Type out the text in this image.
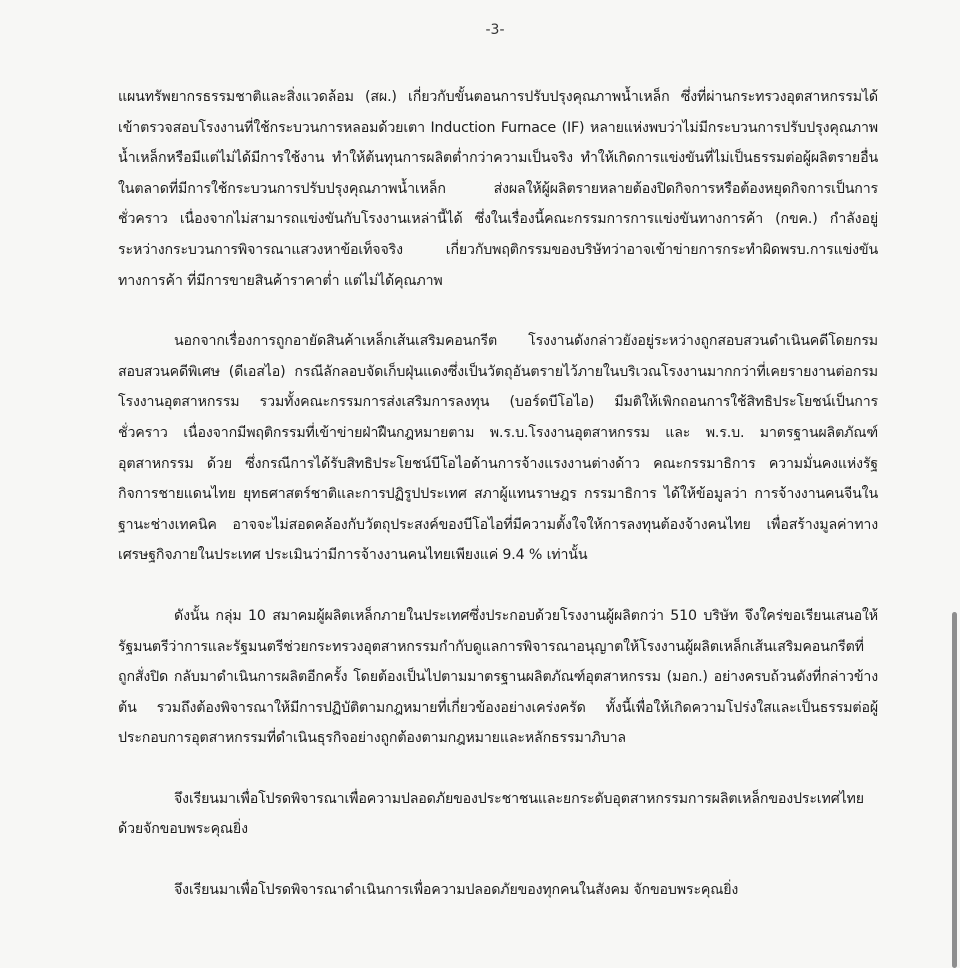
-3-

แผนทรัพยากรธรรมชาติและสิ่งแวดล้อม (สผ.) เกี่ยวกับขั้นตอนการปรับปรุงคุณภาพน้ำเหล็ก ซึ่งที่ผ่านกระทรวงอุตสาหกรรมได้เข้าตรวจสอบโรงงานที่ใช้กระบวนการหลอมด้วยเตา Induction Furnace (IF) หลายแห่งพบว่าไม่มีกระบวนการปรับปรุงคุณภาพน้ำเหล็กหรือมีแต่ไม่ได้มีการใช้งาน ทำให้ต้นทุนการผลิตต่ำกว่าความเป็นจริง ทำให้เกิดการแข่งขันที่ไม่เป็นธรรมต่อผู้ผลิตรายอื่นในตลาดที่มีการใช้กระบวนการปรับปรุงคุณภาพน้ำเหล็ก ส่งผลให้ผู้ผลิตรายหลายต้องปิดกิจการหรือต้องหยุดกิจการเป็นการชั่วคราว เนื่องจากไม่สามารถแข่งขันกับโรงงานเหล่านี้ได้ ซึ่งในเรื่องนี้คณะกรรมการการแข่งขันทางการค้า (กขค.) กำลังอยู่ระหว่างกระบวนการพิจารณาแสวงหาข้อเท็จจริง เกี่ยวกับพฤติกรรมของบริษัทว่าอาจเข้าข่ายการกระทำผิดพรบ.การแข่งขันทางการค้า ที่มีการขายสินค้าราคาต่ำ แต่ไม่ได้คุณภาพ

นอกจากเรื่องการถูกอายัดสินค้าเหล็กเส้นเสริมคอนกรีต โรงงานดังกล่าวยังอยู่ระหว่างถูกสอบสวนดำเนินคดีโดยกรมสอบสวนคดีพิเศษ (ดีเอสไอ) กรณีลักลอบจัดเก็บฝุ่นแดงซึ่งเป็นวัตถุอันตรายไว้ภายในบริเวณโรงงานมากกว่าที่เคยรายงานต่อกรมโรงงานอุตสาหกรรม รวมทั้งคณะกรรมการส่งเสริมการลงทุน (บอร์ดบีโอไอ) มีมติให้เพิกถอนการใช้สิทธิประโยชน์เป็นการชั่วคราว เนื่องจากมีพฤติกรรมที่เข้าข่ายฝ่าฝืนกฎหมายตาม พ.ร.บ.โรงงานอุตสาหกรรม และ พ.ร.บ. มาตรฐานผลิตภัณฑ์อุตสาหกรรม ด้วย ซึ่งกรณีการได้รับสิทธิประโยชน์บีโอไอด้านการจ้างแรงงานต่างด้าว คณะกรรมาธิการ ความมั่นคงแห่งรัฐ กิจการชายแดนไทย ยุทธศาสตร์ชาติและการปฏิรูปประเทศ สภาผู้แทนราษฎร กรรมาธิการ ได้ให้ข้อมูลว่า การจ้างงานคนจีนในฐานะช่างเทคนิค อาจจะไม่สอดคล้องกับวัตถุประสงค์ของบีโอไอที่มีความตั้งใจให้การลงทุนต้องจ้างคนไทย เพื่อสร้างมูลค่าทางเศรษฐกิจภายในประเทศ ประเมินว่ามีการจ้างงานคนไทยเพียงแค่ 9.4 % เท่านั้น

ดังนั้น กลุ่ม 10 สมาคมผู้ผลิตเหล็กภายในประเทศซึ่งประกอบด้วยโรงงานผู้ผลิตกว่า 510 บริษัท จึงใคร่ขอเรียนเสนอให้รัฐมนตรีว่าการและรัฐมนตรีช่วยกระทรวงอุตสาหกรรมกำกับดูแลการพิจารณาอนุญาตให้โรงงานผู้ผลิตเหล็กเส้นเสริมคอนกรีตที่ถูกสั่งปิด กลับมาดำเนินการผลิตอีกครั้ง โดยต้องเป็นไปตามมาตรฐานผลิตภัณฑ์อุตสาหกรรม (มอก.) อย่างครบถ้วนดังที่กล่าวข้างต้น รวมถึงต้องพิจารณาให้มีการปฏิบัติตามกฎหมายที่เกี่ยวข้องอย่างเคร่งครัด ทั้งนี้เพื่อให้เกิดความโปร่งใสและเป็นธรรมต่อผู้ประกอบการอุตสาหกรรมที่ดำเนินธุรกิจอย่างถูกต้องตามกฎหมายและหลักธรรมาภิบาล

จึงเรียนมาเพื่อโปรดพิจารณาเพื่อความปลอดภัยของประชาชนและยกระดับอุตสาหกรรมการผลิตเหล็กของประเทศไทย ด้วยจักขอบพระคุณยิ่ง

จึงเรียนมาเพื่อโปรดพิจารณาดำเนินการเพื่อความปลอดภัยของทุกคนในสังคม จักขอบพระคุณยิ่ง
